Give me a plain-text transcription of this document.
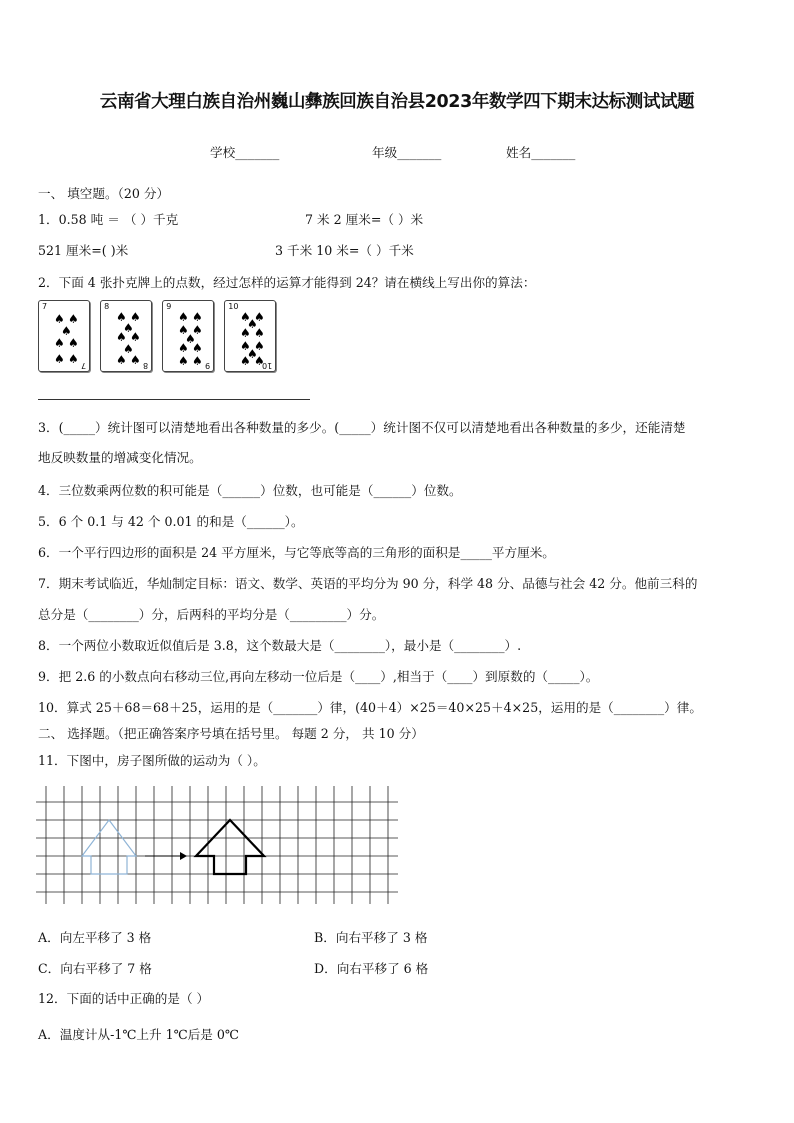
云南省大理白族自治州巍山彝族回族自治县2023年数学四下期末达标测试试题
学校_______	年级_______	姓名_______
一、 填空题。（20 分）
1．0.58 吨 ＝ （ ）千克	7 米 2 厘米=（ ）米
521 厘米=( )米	3 千米 10 米=（ ）千米
2．下面 4 张扑克牌上的点数，经过怎样的运算才能得到 24？请在横线上写出你的算法：
7
7
♠ ♠
♠
♠ ♠
♠ ♠

8
8
♠ ♠
♠
♠ ♠
♠
♠ ♠

9
9
♠ ♠
♠ ♠
♠
♠ ♠
♠ ♠

10
10
♠ ♠
♠
♠ ♠
♠ ♠
♠
♠ ♠
3．(_____）统计图可以清楚地看出各种数量的多少。(_____）统计图不仅可以清楚地看出各种数量的多少，还能清楚
地反映数量的增减变化情况。
4．三位数乘两位数的积可能是（______）位数，也可能是（______）位数。
5．6 个 0.1 与 42 个 0.01 的和是（______）。
6．一个平行四边形的面积是 24 平方厘米，与它等底等高的三角形的面积是_____平方厘米。
7．期末考试临近，华灿制定目标：语文、数学、英语的平均分为 90 分，科学 48 分、品德与社会 42 分。他前三科的
总分是（________）分，后两科的平均分是（_________）分。
8．一个两位小数取近似值后是 3.8，这个数最大是（________），最小是（________）.
9．把 2.6 的小数点向右移动三位,再向左移动一位后是（____）,相当于（____）到原数的（_____）。
10．算式 25＋68＝68＋25，运用的是（_______）律，(40＋4）×25＝40×25＋4×25，运用的是（________）律。
二、 选择题。（把正确答案序号填在括号里。 每题 2 分， 共 10 分）
11．下图中，房子图所做的运动为（ ）。
A．向左平移了 3 格	B．向右平移了 3 格
C．向右平移了 7 格	D．向右平移了 6 格
12．下面的话中正确的是（ ）
A．温度计从-1℃上升 1℃后是 0℃
